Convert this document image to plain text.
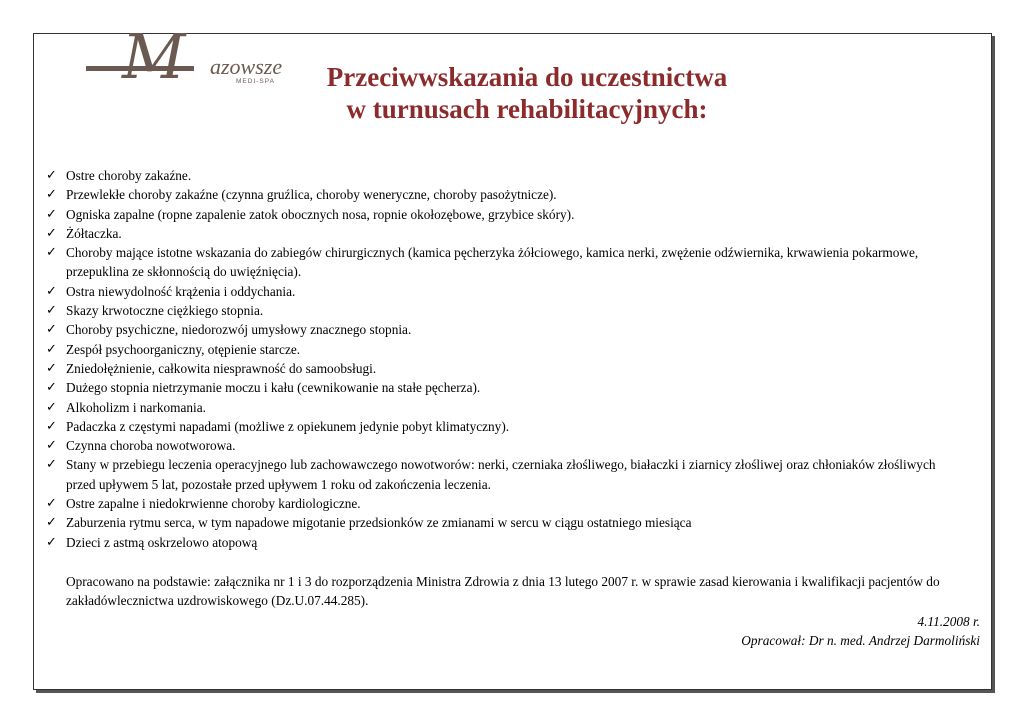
M azowsze
MEDI-SPA	Przeciwwskazania do uczestnictwa
w turnusach rehabilitacyjnych:
✓ Ostre choroby zakaźne.
✓ Przewlekłe choroby zakaźne (czynna gruźlica, choroby weneryczne, choroby pasożytnicze).
✓ Ogniska zapalne (ropne zapalenie zatok obocznych nosa, ropnie okołozębowe, grzybice skóry).
✓ Żółtaczka.
✓ Choroby mające istotne wskazania do zabiegów chirurgicznych (kamica pęcherzyka żółciowego, kamica nerki, zwężenie odźwiernika, krwawienia pokarmowe, przepuklina ze skłonnością do uwięźnięcia).
✓ Ostra niewydolność krążenia i oddychania.
✓ Skazy krwotoczne ciężkiego stopnia.
✓ Choroby psychiczne, niedorozwój umysłowy znacznego stopnia.
✓ Zespół psychoorganiczny, otępienie starcze.
✓ Zniedołężnienie, całkowita niesprawność do samoobsługi.
✓ Dużego stopnia nietrzymanie moczu i kału (cewnikowanie na stałe pęcherza).
✓ Alkoholizm i narkomania.
✓ Padaczka z częstymi napadami (możliwe z opiekunem jedynie pobyt klimatyczny).
✓ Czynna choroba nowotworowa.
✓ Stany w przebiegu leczenia operacyjnego lub zachowawczego nowotworów: nerki, czerniaka złośliwego, białaczki i ziarnicy złośliwej oraz chłoniaków złośliwych przed upływem 5 lat, pozostałe przed upływem 1 roku od zakończenia leczenia.
✓ Ostre zapalne i niedokrwienne choroby kardiologiczne.
✓ Zaburzenia rytmu serca, w tym napadowe migotanie przedsionków ze zmianami w sercu w ciągu ostatniego miesiąca
✓ Dzieci z astmą oskrzelowo atopową
Opracowano na podstawie: załącznika nr 1 i 3 do rozporządzenia Ministra Zdrowia z dnia 13 lutego 2007 r. w sprawie zasad kierowania i kwalifikacji pacjentów do zakładówlecznictwa uzdrowiskowego (Dz.U.07.44.285).
4.11.2008 r.
Opracował: Dr n. med. Andrzej Darmoliński
